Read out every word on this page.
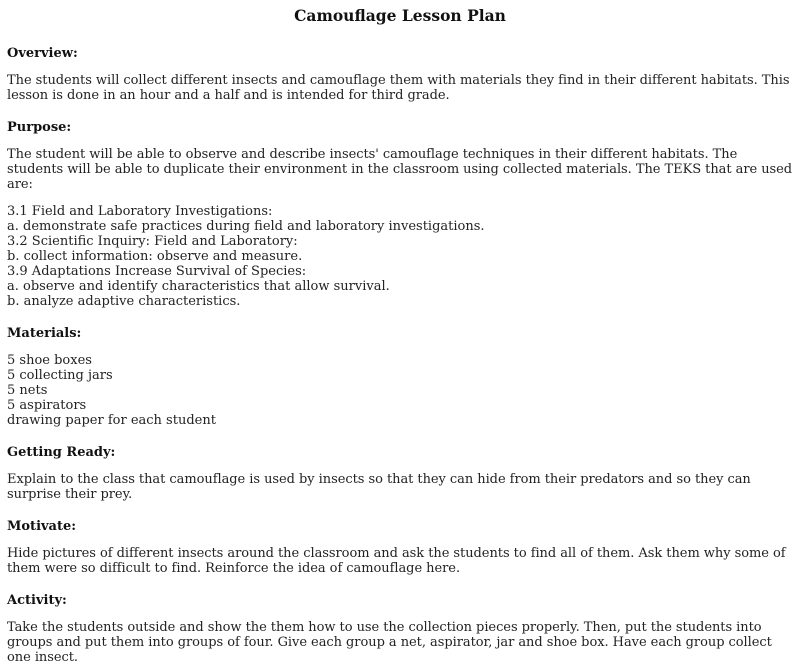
Camouflage Lesson Plan
Overview:

The students will collect different insects and camouflage them with materials they find in their different habitats. This lesson is done in an hour and a half and is intended for third grade.

Purpose:

The student will be able to observe and describe insects' camouflage techniques in their different habitats. The students will be able to duplicate their environment in the classroom using collected materials. The TEKS that are used are:

3.1 Field and Laboratory Investigations:
a. demonstrate safe practices during field and laboratory investigations.
3.2 Scientific Inquiry: Field and Laboratory:
b. collect information: observe and measure.
3.9 Adaptations Increase Survival of Species:
a. observe and identify characteristics that allow survival.
b. analyze adaptive characteristics.
Materials:
5 shoe boxes
5 collecting jars
5 nets
5 aspirators
drawing paper for each student
Getting Ready:

Explain to the class that camouflage is used by insects so that they can hide from their predators and so they can surprise their prey.

Motivate:

Hide pictures of different insects around the classroom and ask the students to find all of them. Ask them why some of them were so difficult to find. Reinforce the idea of camouflage here.

Activity:

Take the students outside and show the them how to use the collection pieces properly. Then, put the students into groups and put them into groups of four. Give each group a net, aspirator, jar and shoe box. Have each group collect one insect.
